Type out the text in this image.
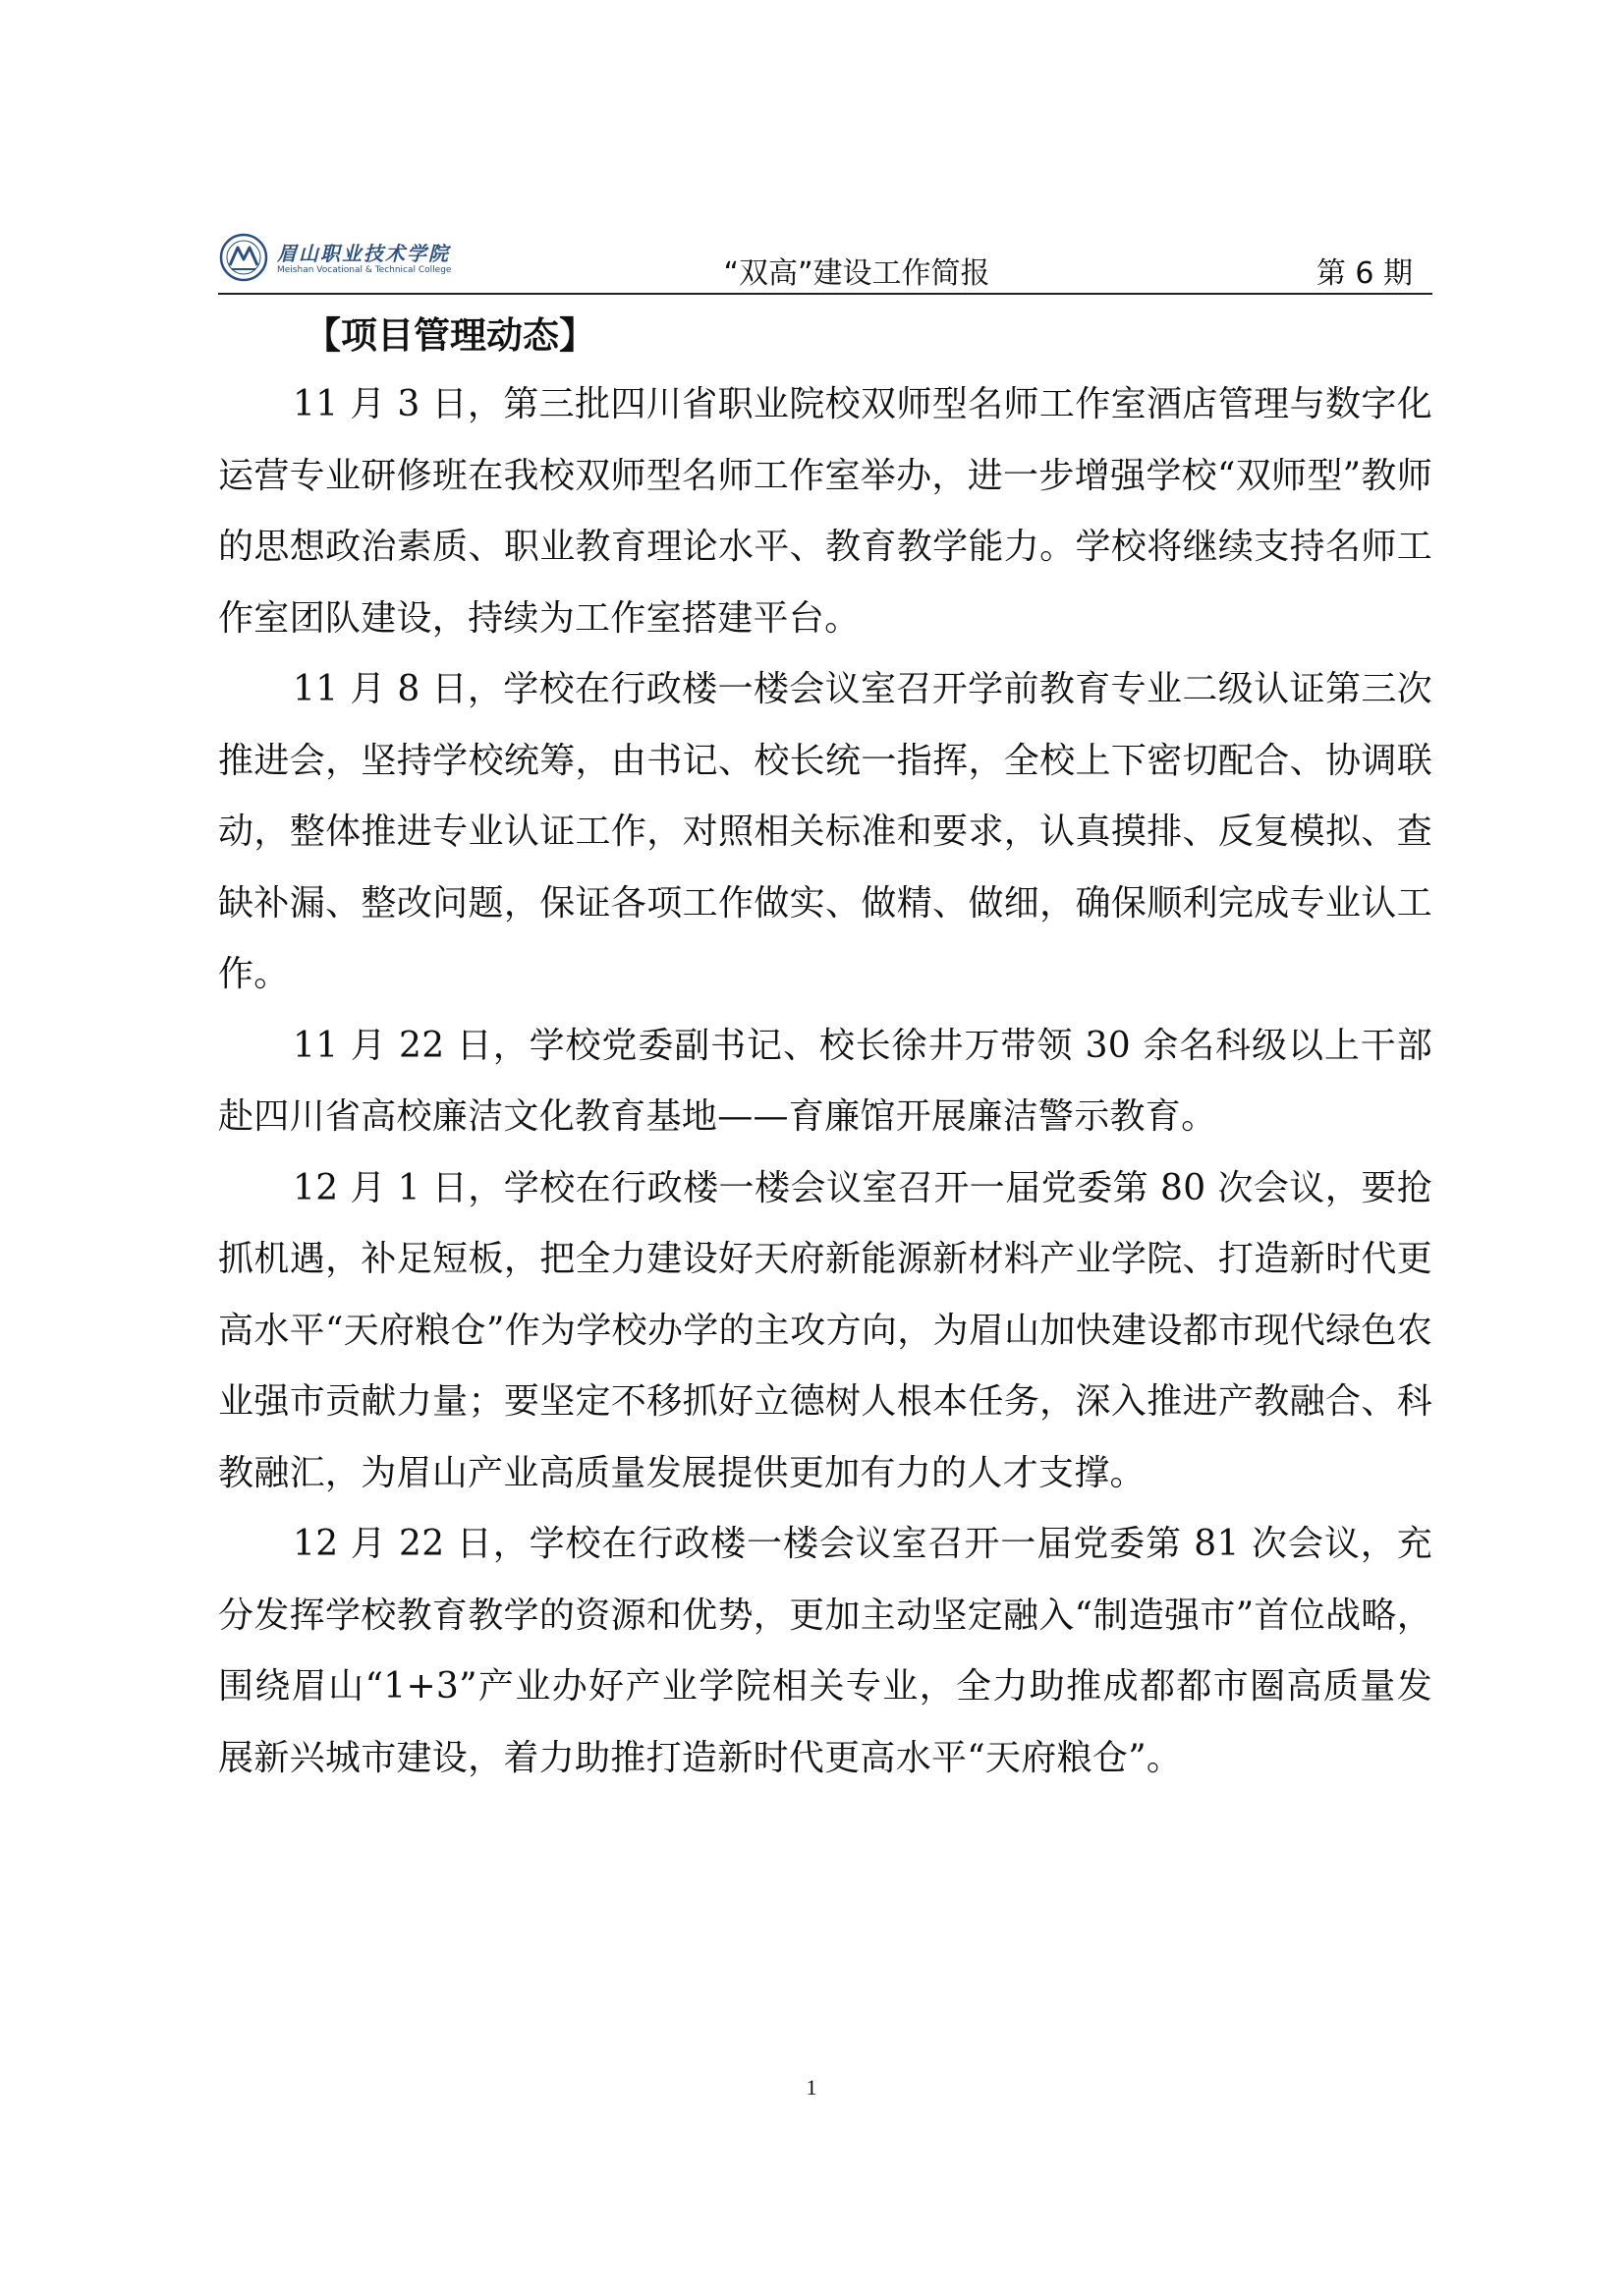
眉山职业技术学院
Meishan Vocational & Technical College	“双高”建设工作简报	第 6 期
【项目管理动态】

11 月 3 日，第三批四川省职业院校双师型名师工作室酒店管理与数字化运营专业研修班在我校双师型名师工作室举办，进一步增强学校“双师型”教师的思想政治素质、职业教育理论水平、教育教学能力。学校将继续支持名师工作室团队建设，持续为工作室搭建平台。

11 月 8 日，学校在行政楼一楼会议室召开学前教育专业二级认证第三次推进会，坚持学校统筹，由书记、校长统一指挥，全校上下密切配合、协调联动，整体推进专业认证工作，对照相关标准和要求，认真摸排、反复模拟、查缺补漏、整改问题，保证各项工作做实、做精、做细，确保顺利完成专业认工作。

11 月 22 日，学校党委副书记、校长徐井万带领 30 余名科级以上干部赴四川省高校廉洁文化教育基地——育廉馆开展廉洁警示教育。

12 月 1 日，学校在行政楼一楼会议室召开一届党委第 80 次会议，要抢抓机遇，补足短板，把全力建设好天府新能源新材料产业学院、打造新时代更高水平“天府粮仓”作为学校办学的主攻方向，为眉山加快建设都市现代绿色农业强市贡献力量；要坚定不移抓好立德树人根本任务，深入推进产教融合、科教融汇，为眉山产业高质量发展提供更加有力的人才支撑。

12 月 22 日，学校在行政楼一楼会议室召开一届党委第 81 次会议，充分发挥学校教育教学的资源和优势，更加主动坚定融入“制造强市”首位战略，围绕眉山“1+3”产业办好产业学院相关专业，全力助推成都都市圈高质量发展新兴城市建设，着力助推打造新时代更高水平“天府粮仓”。

1
